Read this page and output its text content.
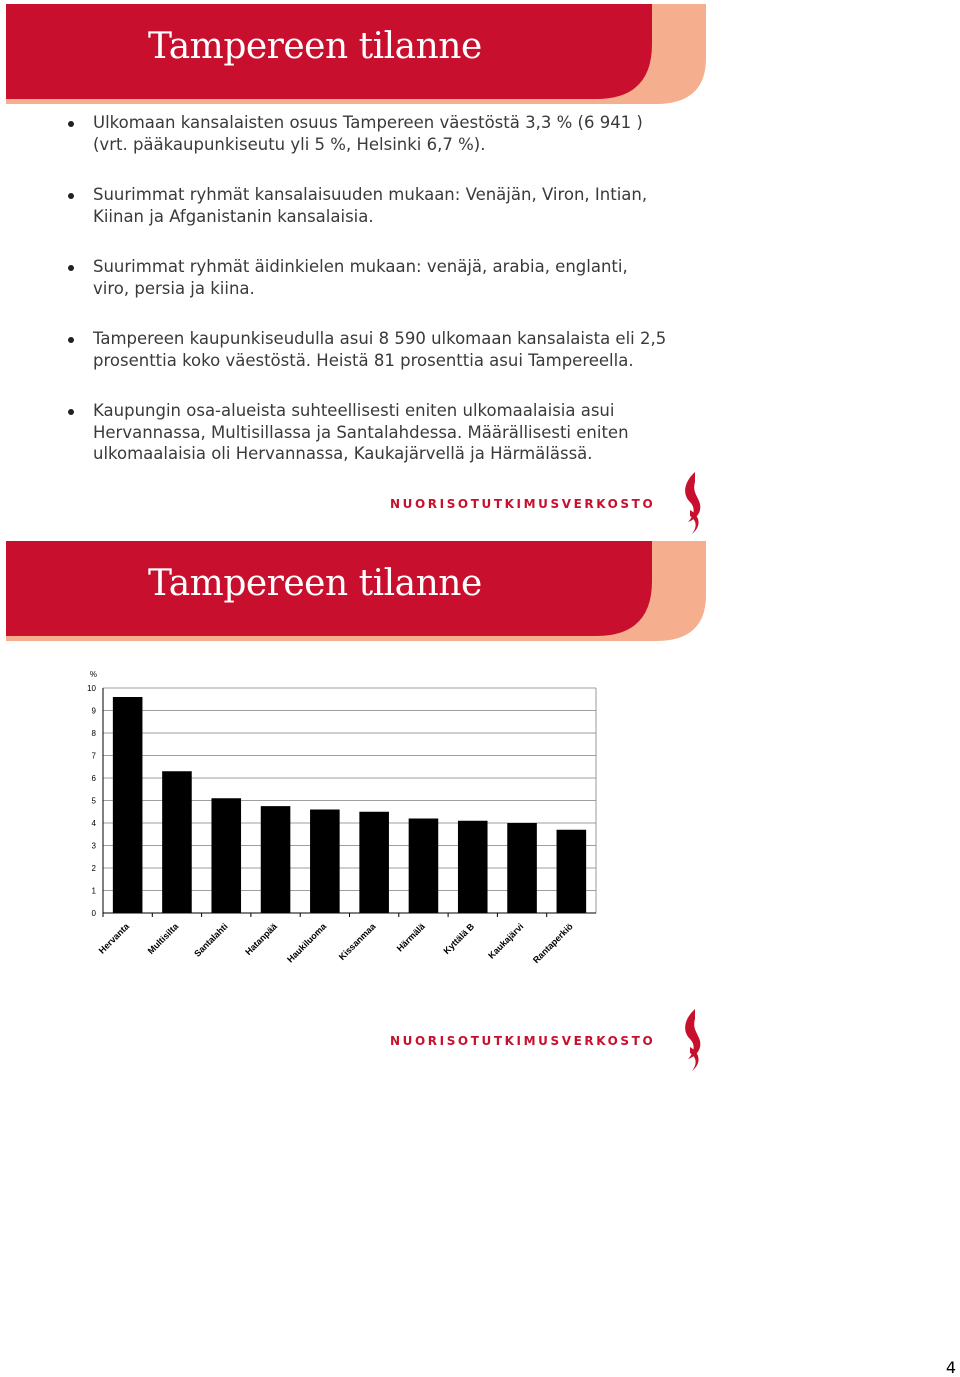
Tampereen tilanne
Ulkomaan kansalaisten osuus Tampereen väestöstä 3,3 % (6 941 ) (vrt. pääkaupunkiseutu yli 5 %, Helsinki 6,7 %).
Suurimmat ryhmät kansalaisuuden mukaan: Venäjän, Viron, Intian, Kiinan ja Afganistanin kansalaisia.
Suurimmat ryhmät äidinkielen mukaan: venäjä, arabia, englanti, viro, persia ja kiina.
Tampereen kaupunkiseudulla asui 8 590 ulkomaan kansalaista eli 2,5 prosenttia koko väestöstä. Heistä 81 prosenttia asui Tampereella.
Kaupungin osa-alueista suhteellisesti eniten ulkomaalaisia asui Hervannassa, Multisillassa ja Santalahdessa. Määrällisesti eniten ulkomaalaisia oli Hervannassa, Kaukajärvellä ja Härmälässä.
NUORISOTUTKIMUSVERKOSTO
Tampereen tilanne
0
1
2
3
4
5
6
7
8
9
10
%
Hervanta Multisilta Santalahti Hatanpää Haukiluoma Kissanmaa Härmälä Kyttälä B Kaukajärvi Rantaperkiö
NUORISOTUTKIMUSVERKOSTO
4
